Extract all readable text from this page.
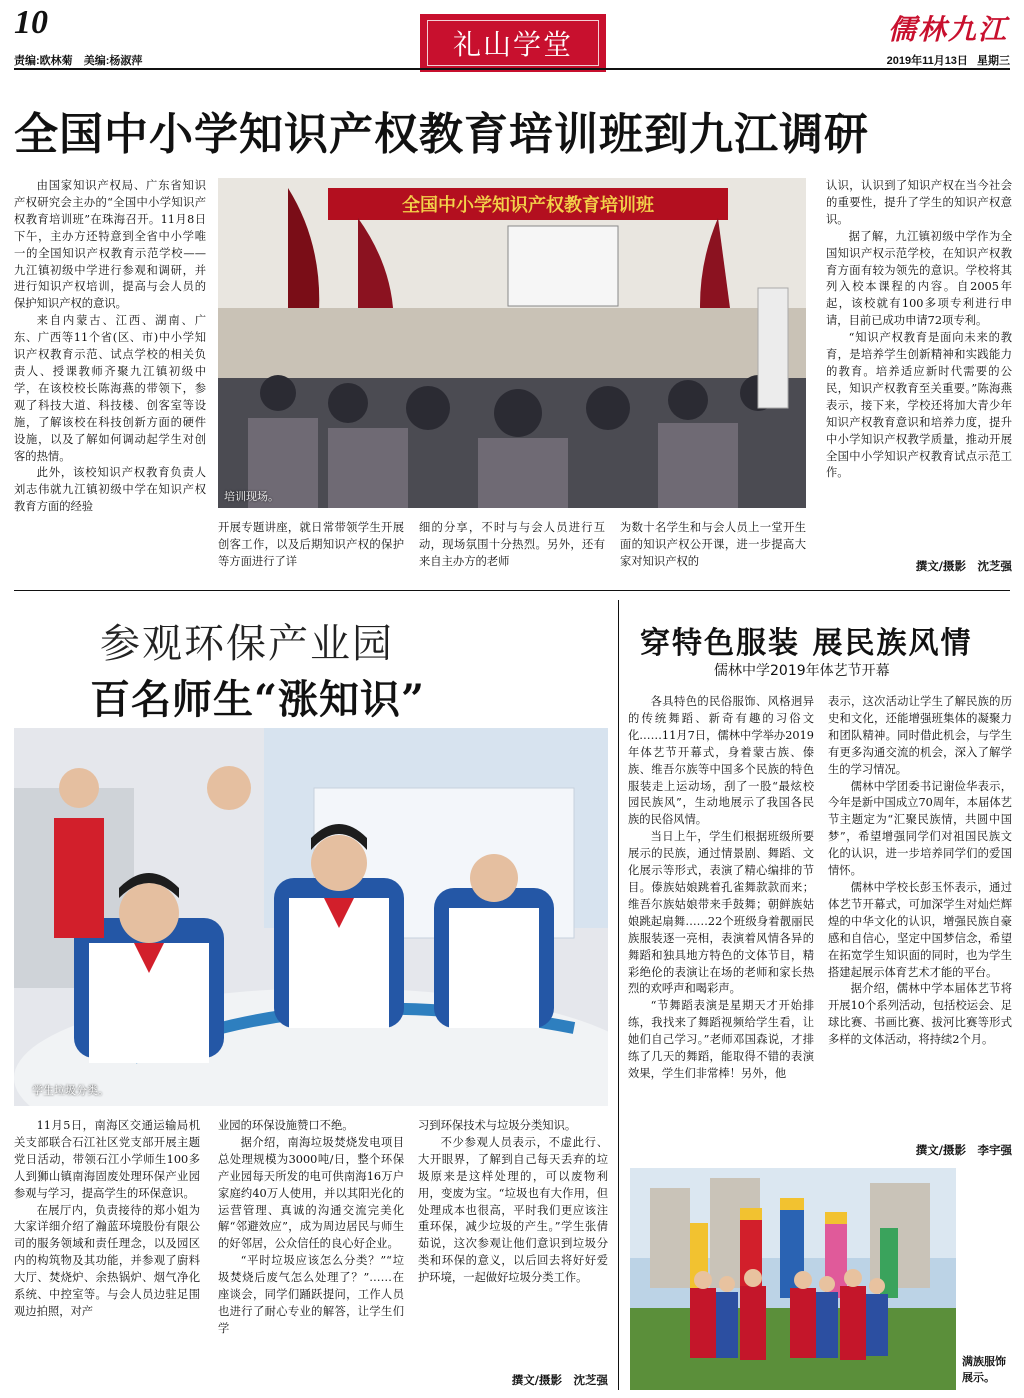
10
责编:欧林菊 美编:杨淑萍	礼山学堂	儒林九江
2019年11月13日 星期三
全国中小学知识产权教育培训班到九江调研

由国家知识产权局、广东省知识产权研究会主办的“全国中小学知识产权教育培训班”在珠海召开。11月8日下午，主办方还特意到全省中小学唯一的全国知识产权教育示范学校——九江镇初级中学进行参观和调研，并进行知识产权培训，提高与会人员的保护知识产权的意识。

来自内蒙古、江西、湖南、广东、广西等11个省(区、市)中小学知识产权教育示范、试点学校的相关负责人、授课教师齐聚九江镇初级中学，在该校校长陈海燕的带领下，参观了科技大道、科技楼、创客室等设施，了解该校在科技创新方面的硬件设施，以及了解如何调动起学生对创客的热情。

此外，该校知识产权教育负责人刘志伟就九江镇初级中学在知识产权教育方面的经验

全国中小学知识产权教育培训班
培训现场。

开展专题讲座，就日常带领学生开展创客工作，以及后期知识产权的保护等方面进行了详

细的分享，不时与与会人员进行互动，现场氛围十分热烈。另外，还有来自主办方的老师

为数十名学生和与会人员上一堂开生面的知识产权公开课，进一步提高大家对知识产权的

认识，认识到了知识产权在当今社会的重要性，提升了学生的知识产权意识。

据了解，九江镇初级中学作为全国知识产权示范学校，在知识产权教育方面有较为领先的意识。学校将其列入校本课程的内容。自2005年起，该校就有100多项专利进行申请，目前已成功申请72项专利。

“知识产权教育是面向未来的教育，是培养学生创新精神和实践能力的教育。培养适应新时代需要的公民，知识产权教育至关重要。”陈海燕表示，接下来，学校还将加大青少年知识产权教育意识和培养力度，提升中小学知识产权教学质量，推动开展全国中小学知识产权教育试点示范工作。

撰文/摄影　沈芝强
参观环保产业园
百名师生“涨知识”
学生垃圾分类。

11月5日，南海区交通运输局机关支部联合石江社区党支部开展主题党日活动，带领石江小学师生100多人到狮山镇南海固废处理环保产业园参观与学习，提高学生的环保意识。

在展厅内，负责接待的郑小姐为大家详细介绍了瀚蓝环境股份有限公司的服务领域和责任理念，以及园区内的构筑物及其功能，并参观了廚料大厅、焚烧炉、余热锅炉、烟气净化系统、中控室等。与会人员边驻足围观边拍照，对产

业园的环保设施赞口不绝。

据介绍，南海垃圾焚烧发电项目总处理规模为3000吨/日，整个环保产业园每天所发的电可供南海16万户家庭约40万人使用，并以其阳光化的运营管理、真诚的沟通交流完美化解“邻避效应”，成为周边居民与师生的好邻居，公众信任的良心好企业。

“平时垃圾应该怎么分类？”“垃圾焚烧后废气怎么处理了？”……在座谈会，同学们踊跃提问，工作人员也进行了耐心专业的解答，让学生们学

习到环保技术与垃圾分类知识。

不少参观人员表示，不虚此行、大开眼界，了解到自己每天丢弃的垃圾原来是这样处理的，可以废物利用，变废为宝。“垃圾也有大作用，但处理成本也很高，平时我们更应该注重环保，减少垃圾的产生。”学生张倩茹说，这次参观让他们意识到垃圾分类和环保的意义，以后回去将好好爱护环境，一起做好垃圾分类工作。

撰文/摄影　沈芝强
穿特色服装 展民族风情
儒林中学2019年体艺节开幕

各具特色的民俗服饰、风格迥异的传统舞蹈、新奇有趣的习俗文化……11月7日，儒林中学举办2019年体艺节开幕式，身着蒙古族、傣族、维吾尔族等中国多个民族的特色服装走上运动场，刮了一股“最炫校园民族风”，生动地展示了我国各民族的民俗风情。

当日上午，学生们根据班级所要展示的民族，通过情景剧、舞蹈、文化展示等形式，表演了精心编排的节目。傣族姑娘跳着孔雀舞款款而来；维吾尔族姑娘带来手鼓舞；朝鲜族姑娘跳起扇舞……22个班级身着靓丽民族服装逐一亮相，表演着风情各异的舞蹈和独具地方特色的文体节目，精彩绝伦的表演让在场的老师和家长热烈的欢呼声和喝彩声。

“节舞蹈表演是星期天才开始排练，我找来了舞蹈视频给学生看，让她们自己学习。”老师邓国森说，才排练了几天的舞蹈，能取得不错的表演效果，学生们非常棒！另外，他

表示，这次活动让学生了解民族的历史和文化，还能增强班集体的凝聚力和团队精神。同时借此机会，与学生有更多沟通交流的机会，深入了解学生的学习情况。

儒林中学团委书记谢俭华表示，今年是新中国成立70周年，本届体艺节主题定为“汇聚民族情，共圆中国梦”，希望增强同学们对祖国民族文化的认识，进一步培养同学们的爱国情怀。

儒林中学校长彭玉怀表示，通过体艺节开幕式，可加深学生对灿烂辉煌的中华文化的认识，增强民族自豪感和自信心，坚定中国梦信念，希望在拓宽学生知识面的同时，也为学生搭建起展示体育艺术才能的平台。

据介绍，儒林中学本届体艺节将开展10个系列活动，包括校运会、足球比赛、书画比赛、拔河比赛等形式多样的文体活动，将持续2个月。

撰文/摄影　李宇强
满族服饰展示。
